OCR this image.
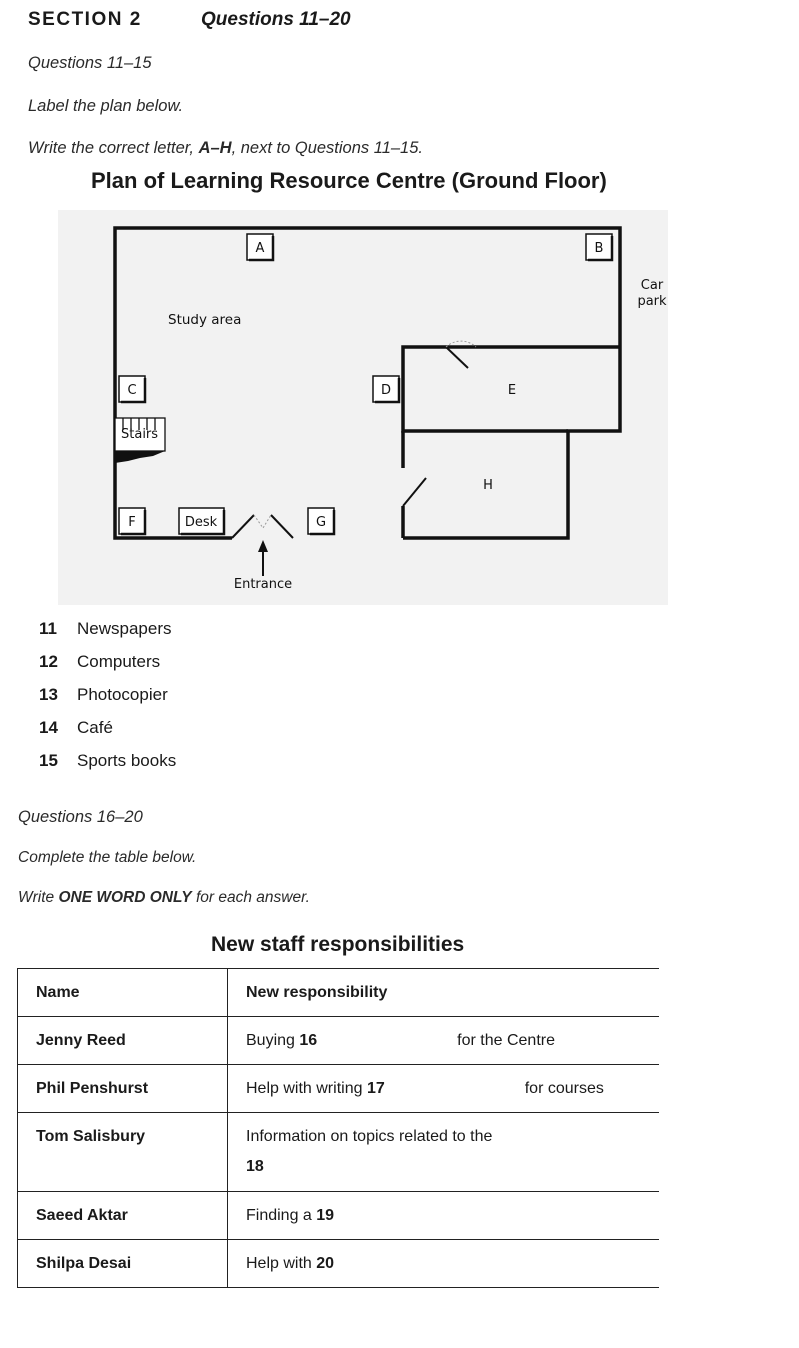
SECTION 2	Questions 11–20
Questions 11–15
Label the plan below.
Write the correct letter, A–H, next to Questions 11–15.
Plan of Learning Resource Centre (Ground Floor)
Stairs
A	B
C	D	E
F	Desk	G
H
Entrance
Car
park
Study area
11	Newspapers
12	Computers
13	Photocopier
14	Café
15	Sports books
Questions 16–20
Complete the table below.
Write ONE WORD ONLY for each answer.
New staff responsibilities
Name	New responsibility

Jenny Reed	Buying 16 for the Centre

Phil Penshurst	Help with writing 17 for courses

Tom Salisbury	Information on topics related to the
18

Saeed Aktar	Finding a 19

Shilpa Desai	Help with 20
